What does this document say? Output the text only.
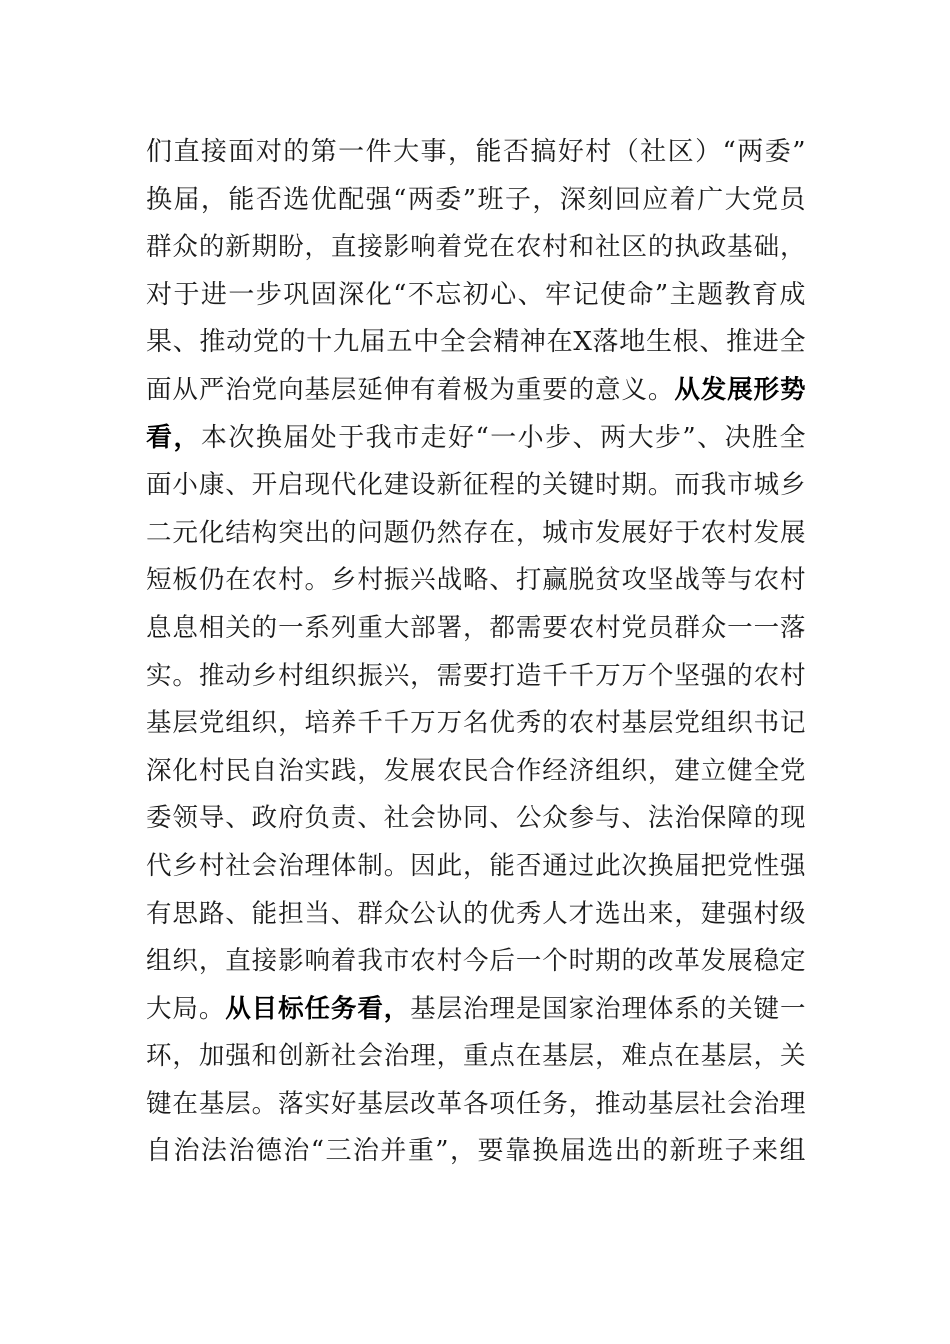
们直接面对的第一件大事，能否搞好村（社区）“两委”
换届，能否选优配强“两委”班子，深刻回应着广大党员
群众的新期盼，直接影响着党在农村和社区的执政基础，
对于进一步巩固深化“不忘初心、牢记使命”主题教育成
果、推动党的十九届五中全会精神在X落地生根、推进全
面从严治党向基层延伸有着极为重要的意义。从发展形势
看，本次换届处于我市走好“一小步、两大步”、决胜全
面小康、开启现代化建设新征程的关键时期。而我市城乡
二元化结构突出的问题仍然存在，城市发展好于农村发展
短板仍在农村。乡村振兴战略、打赢脱贫攻坚战等与农村
息息相关的一系列重大部署，都需要农村党员群众一一落
实。推动乡村组织振兴，需要打造千千万万个坚强的农村
基层党组织，培养千千万万名优秀的农村基层党组织书记
深化村民自治实践，发展农民合作经济组织，建立健全党
委领导、政府负责、社会协同、公众参与、法治保障的现
代乡村社会治理体制。因此，能否通过此次换届把党性强
有思路、能担当、群众公认的优秀人才选出来，建强村级
组织，直接影响着我市农村今后一个时期的改革发展稳定
大局。从目标任务看，基层治理是国家治理体系的关键一
环，加强和创新社会治理，重点在基层，难点在基层，关
键在基层。落实好基层改革各项任务，推动基层社会治理
自治法治德治“三治并重”，要靠换届选出的新班子来组
